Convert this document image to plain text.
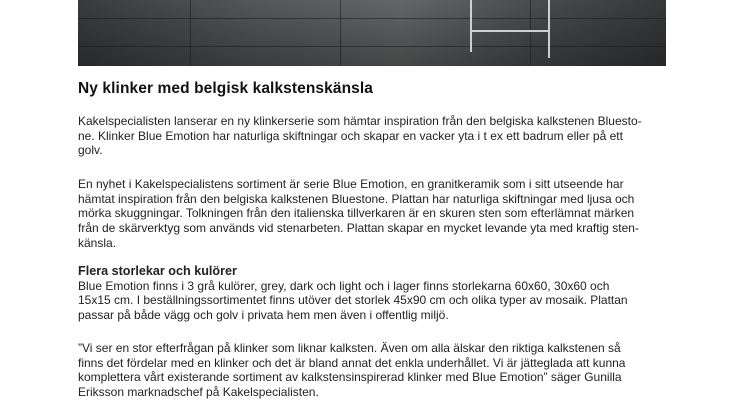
Ny klinker med belgisk kalkstenskänsla

Kakelspecialisten lanserar en ny klinkerserie som hämtar inspiration från den belgiska kalkstenen Bluesto-
ne. Klinker Blue Emotion har naturliga skiftningar och skapar en vacker yta i t ex ett badrum eller på ett
golv.

En nyhet i Kakelspecialistens sortiment är serie Blue Emotion, en granitkeramik som i sitt utseende har
hämtat inspiration från den belgiska kalkstenen Bluestone. Plattan har naturliga skiftningar med ljusa och
mörka skuggningar. Tolkningen från den italienska tillverkaren är en skuren sten som efterlämnat märken
från de skärverktyg som används vid stenarbeten. Plattan skapar en mycket levande yta med kraftig sten-
känsla.

Flera storlekar och kulörer
Blue Emotion finns i 3 grå kulörer, grey, dark och light och i lager finns storlekarna 60x60, 30x60 och
15x15 cm. I beställningssortimentet finns utöver det storlek 45x90 cm och olika typer av mosaik. Plattan
passar på både vägg och golv i privata hem men även i offentlig miljö.

”Vi ser en stor efterfrågan på klinker som liknar kalksten. Även om alla älskar den riktiga kalkstenen så
finns det fördelar med en klinker och det är bland annat det enkla underhållet. Vi är jätteglada att kunna
komplettera vårt existerande sortiment av kalkstensinspirerad klinker med Blue Emotion” säger Gunilla
Eriksson marknadschef på Kakelspecialisten.
